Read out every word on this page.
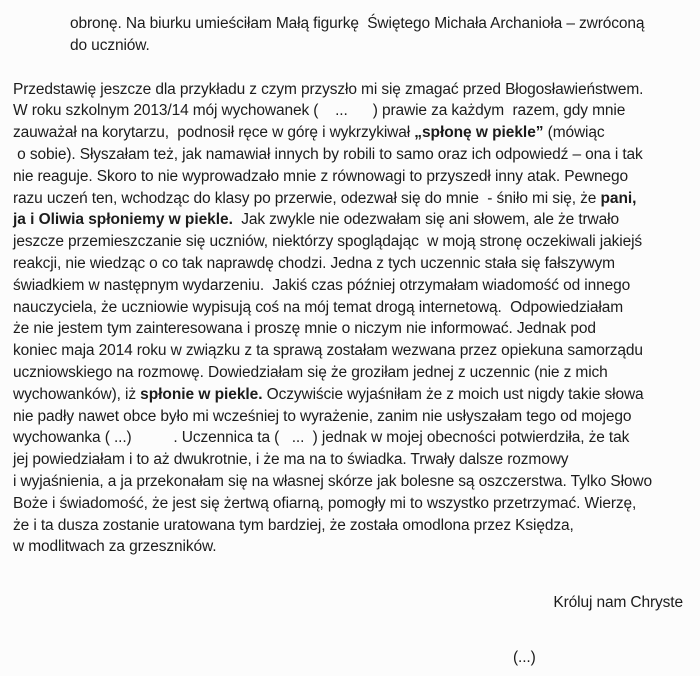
obronę. Na biurku umieściłam Małą figurkę  Świętego Michała Archanioła – zwróconą
do uczniów.
Przedstawię jeszcze dla przykładu z czym przyszło mi się zmagać przed Błogosławieństwem.
W roku szkolnym 2013/14 mój wychowanek (    ...      ) prawie za każdym  razem, gdy mnie
zauważał na korytarzu,  podnosił ręce w górę i wykrzykiwał „spłonę w piekle” (mówiąc
o sobie). Słyszałam też, jak namawiał innych by robili to samo oraz ich odpowiedź – ona i tak
nie reaguje. Skoro to nie wyprowadzało mnie z równowagi to przyszedł inny atak. Pewnego
razu uczeń ten, wchodząc do klasy po przerwie, odezwał się do mnie  - śniło mi się, że pani,
ja i Oliwia spłoniemy w piekle.  Jak zwykle nie odezwałam się ani słowem, ale że trwało
jeszcze przemieszczanie się uczniów, niektórzy spoglądając  w moją stronę oczekiwali jakiejś
reakcji, nie wiedząc o co tak naprawdę chodzi. Jedna z tych uczennic stała się fałszywym
świadkiem w następnym wydarzeniu.  Jakiś czas później otrzymałam wiadomość od innego
nauczyciela, że uczniowie wypisują coś na mój temat drogą internetową.  Odpowiedziałam
że nie jestem tym zainteresowana i proszę mnie o niczym nie informować. Jednak pod
koniec maja 2014 roku w związku z ta sprawą zostałam wezwana przez opiekuna samorządu
uczniowskiego na rozmowę. Dowiedziałam się że groziłam jednej z uczennic (nie z mich
wychowanków), iż spłonie w piekle. Oczywiście wyjaśniłam że z moich ust nigdy takie słowa
nie padły nawet obce było mi wcześniej to wyrażenie, zanim nie usłyszałam tego od mojego
wychowanka ( ...)          . Uczennica ta (   ...  ) jednak w mojej obecności potwierdziła, że tak
jej powiedziałam i to aż dwukrotnie, i że ma na to świadka. Trwały dalsze rozmowy
i wyjaśnienia, a ja przekonałam się na własnej skórze jak bolesne są oszczerstwa. Tylko Słowo
Boże i świadomość, że jest się żertwą ofiarną, pomogły mi to wszystko przetrzymać. Wierzę,
że i ta dusza zostanie uratowana tym bardziej, że została omodlona przez Księdza,
w modlitwach za grzeszników.
Króluj nam Chryste
(...)
